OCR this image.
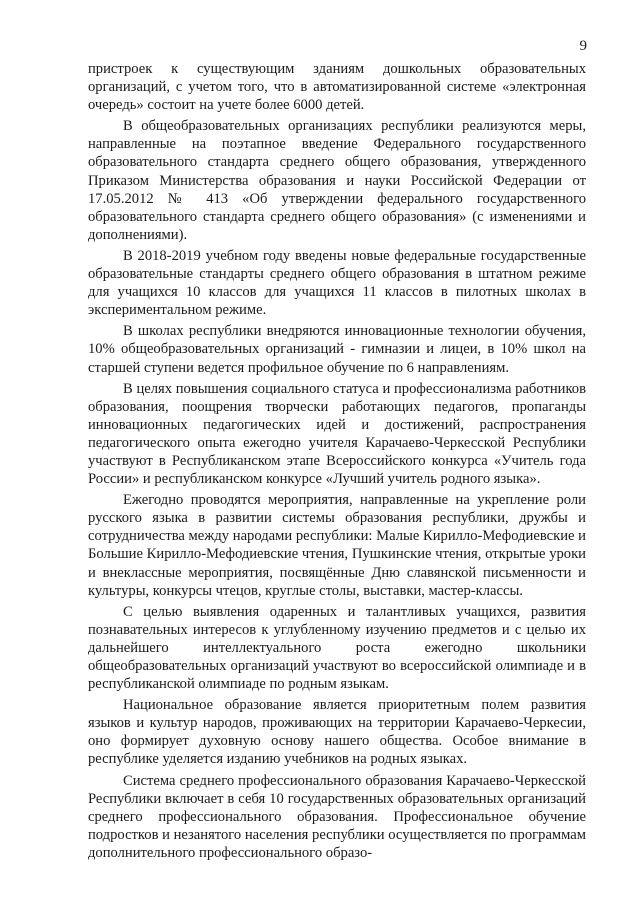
9

пристроек к существующим зданиям дошкольных образовательных организаций, с учетом того, что в автоматизированной системе «электронная очередь» состоит на учете более 6000 детей.

В общеобразовательных организациях республики реализуются меры, направленные на поэтапное введение Федерального государственного образовательного стандарта среднего общего образования, утвержденного Приказом Министерства образования и науки Российской Федерации от 17.05.2012 № 413 «Об утверждении федерального государственного образовательного стандарта среднего общего образования» (с изменениями и дополнениями).

В 2018-2019 учебном году введены новые федеральные государственные образовательные стандарты среднего общего образования в штатном режиме для учащихся 10 классов для учащихся 11 классов в пилотных школах в экспериментальном режиме.

В школах республики внедряются инновационные технологии обучения, 10% общеобразовательных организаций - гимназии и лицеи, в 10% школ на старшей ступени ведется профильное обучение по 6 направлениям.

В целях повышения социального статуса и профессионализма работников образования, поощрения творчески работающих педагогов, пропаганды инновационных педагогических идей и достижений, распространения педагогического опыта ежегодно учителя Карачаево-Черкесской Республики участвуют в Республиканском этапе Всероссийского конкурса «Учитель года России» и республиканском конкурсе «Лучший учитель родного языка».

Ежегодно проводятся мероприятия, направленные на укрепление роли русского языка в развитии системы образования республики, дружбы и сотрудничества между народами республики: Малые Кирилло-Мефодиевские и Большие Кирилло-Мефодиевские чтения, Пушкинские чтения, открытые уроки и внеклассные мероприятия, посвящённые Дню славянской письменности и культуры, конкурсы чтецов, круглые столы, выставки, мастер-классы.

С целью выявления одаренных и талантливых учащихся, развития познавательных интересов к углубленному изучению предметов и с целью их дальнейшего интеллектуального роста ежегодно школьники общеобразовательных организаций участвуют во всероссийской олимпиаде и в республиканской олимпиаде по родным языкам.

Национальное образование является приоритетным полем развития языков и культур народов, проживающих на территории Карачаево-Черкесии, оно формирует духовную основу нашего общества. Особое внимание в республике уделяется изданию учебников на родных языках.

Система среднего профессионального образования Карачаево-Черкесской Республики включает в себя 10 государственных образовательных организаций среднего профессионального образования. Профессиональное обучение подростков и незанятого населения республики осуществляется по программам дополнительного профессионального образо-
